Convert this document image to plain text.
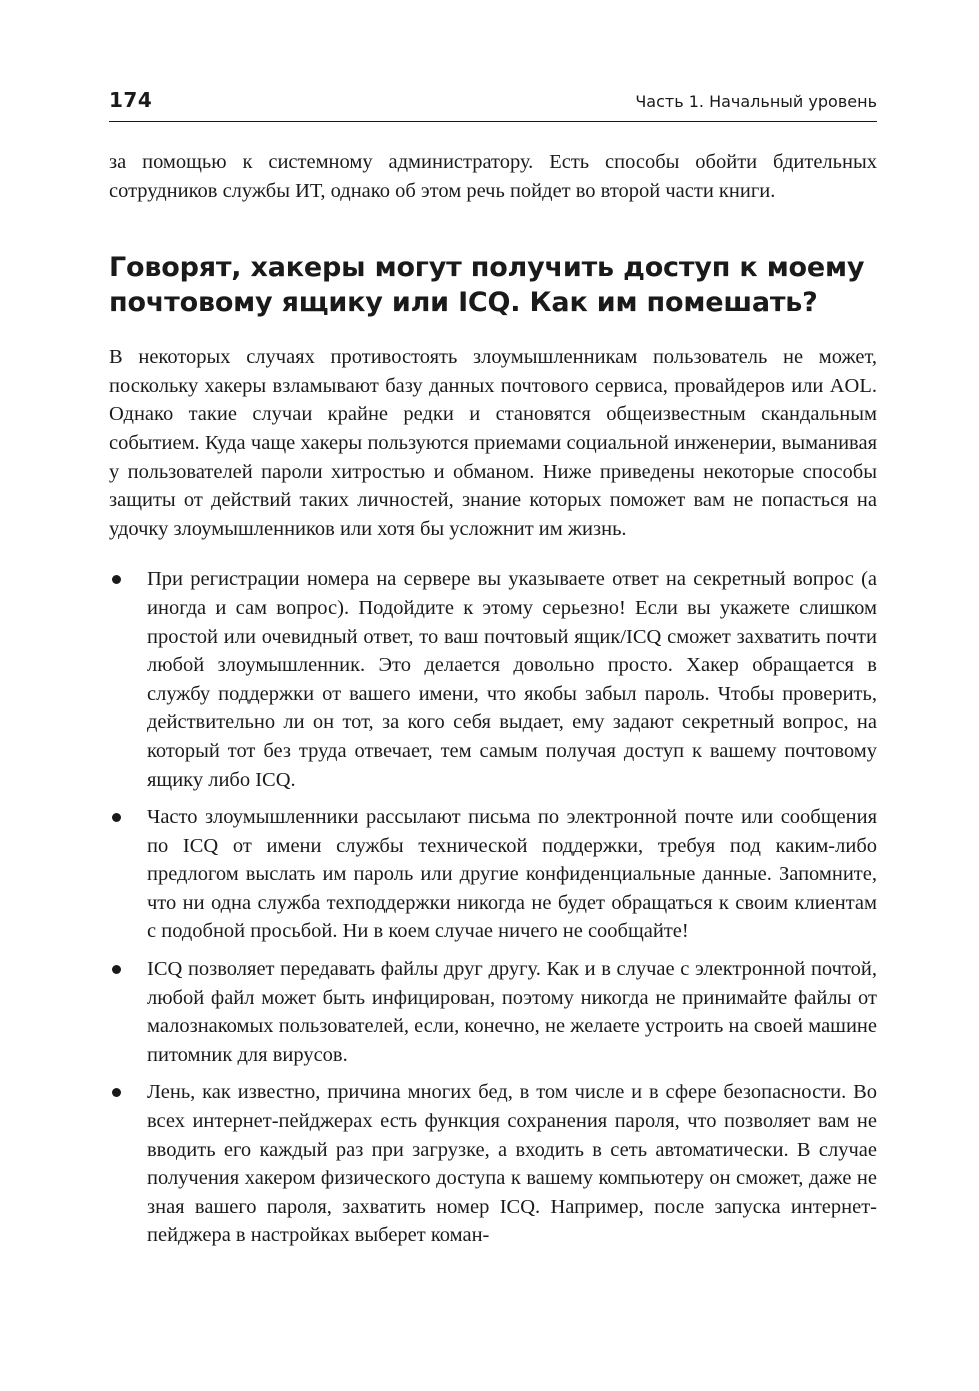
174	Часть 1. Начальный уровень

за помощью к системному администратору. Есть способы обойти бдительных сотрудников службы ИТ, однако об этом речь пойдет во второй части книги.

Говорят, хакеры могут получить доступ к моему
почтовому ящику или ICQ. Как им помешать?

В некоторых случаях противостоять злоумышленникам пользователь не может, поскольку хакеры взламывают базу данных почтового сервиса, провайдеров или AOL. Однако такие случаи крайне редки и становятся общеизвестным скандальным событием. Куда чаще хакеры пользуются приемами социальной инженерии, выманивая у пользователей пароли хитростью и обманом. Ниже приведены некоторые способы защиты от действий таких личностей, знание которых поможет вам не попасться на удочку злоумышленников или хотя бы усложнит им жизнь.

При регистрации номера на сервере вы указываете ответ на секретный вопрос (а иногда и сам вопрос). Подойдите к этому серьезно! Если вы укажете слишком простой или очевидный ответ, то ваш почтовый ящик/ICQ сможет захватить почти любой злоумышленник. Это делается довольно просто. Хакер обращается в службу поддержки от вашего имени, что якобы забыл пароль. Чтобы проверить, действительно ли он тот, за кого себя выдает, ему задают секретный вопрос, на который тот без труда отвечает, тем самым получая доступ к вашему почтовому ящику либо ICQ.

Часто злоумышленники рассылают письма по электронной почте или сообщения по ICQ от имени службы технической поддержки, требуя под каким-либо предлогом выслать им пароль или другие конфиденциальные данные. Запомните, что ни одна служба техподдержки никогда не будет обращаться к своим клиентам с подобной просьбой. Ни в коем случае ничего не сообщайте!

ICQ позволяет передавать файлы друг другу. Как и в случае с электронной почтой, любой файл может быть инфицирован, поэтому никогда не принимайте файлы от малознакомых пользователей, если, конечно, не желаете устроить на своей машине питомник для вирусов.

Лень, как известно, причина многих бед, в том числе и в сфере безопасности. Во всех интернет-пейджерах есть функция сохранения пароля, что позволяет вам не вводить его каждый раз при загрузке, а входить в сеть автоматически. В случае получения хакером физического доступа к вашему компьютеру он сможет, даже не зная вашего пароля, захватить номер ICQ. Например, после запуска интернет-пейджера в настройках выберет коман-
